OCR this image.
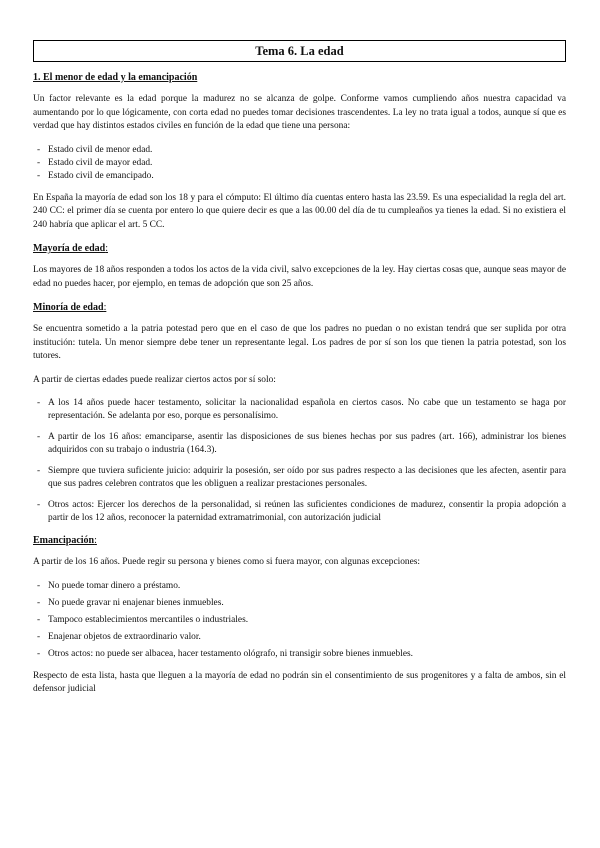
Tema 6. La edad
1. El menor de edad y la emancipación

Un factor relevante es la edad porque la madurez no se alcanza de golpe. Conforme vamos cumpliendo años nuestra capacidad va aumentando por lo que lógicamente, con corta edad no puedes tomar decisiones trascendentes. La ley no trata igual a todos, aunque sí que es verdad que hay distintos estados civiles en función de la edad que tiene una persona:

- Estado civil de menor edad.
- Estado civil de mayor edad.
- Estado civil de emancipado.

En España la mayoría de edad son los 18 y para el cómputo: El último día cuentas entero hasta las 23.59. Es una especialidad la regla del art. 240 CC: el primer día se cuenta por entero lo que quiere decir es que a las 00.00 del día de tu cumpleaños ya tienes la edad. Si no existiera el 240 habría que aplicar el art. 5 CC.

Mayoría de edad:

Los mayores de 18 años responden a todos los actos de la vida civil, salvo excepciones de la ley. Hay ciertas cosas que, aunque seas mayor de edad no puedes hacer, por ejemplo, en temas de adopción que son 25 años.

Minoría de edad:

Se encuentra sometido a la patria potestad pero que en el caso de que los padres no puedan o no existan tendrá que ser suplida por otra institución: tutela. Un menor siempre debe tener un representante legal. Los padres de por sí son los que tienen la patria potestad, son los tutores.

A partir de ciertas edades puede realizar ciertos actos por sí solo:

- A los 14 años puede hacer testamento, solicitar la nacionalidad española en ciertos casos. No cabe que un testamento se haga por representación. Se adelanta por eso, porque es personalísimo.
- A partir de los 16 años: emanciparse, asentir las disposiciones de sus bienes hechas por sus padres (art. 166), administrar los bienes adquiridos con su trabajo o industria (164.3).
- Siempre que tuviera suficiente juicio: adquirir la posesión, ser oído por sus padres respecto a las decisiones que les afecten, asentir para que sus padres celebren contratos que les obliguen a realizar prestaciones personales.
- Otros actos: Ejercer los derechos de la personalidad, si reúnen las suficientes condiciones de madurez, consentir la propia adopción a partir de los 12 años, reconocer la paternidad extramatrimonial, con autorización judicial
Emancipación:

A partir de los 16 años. Puede regir su persona y bienes como si fuera mayor, con algunas excepciones:

- No puede tomar dinero a préstamo.
- No puede gravar ni enajenar bienes inmuebles.
- Tampoco establecimientos mercantiles o industriales.
- Enajenar objetos de extraordinario valor.
- Otros actos: no puede ser albacea, hacer testamento ológrafo, ni transigir sobre bienes inmuebles.

Respecto de esta lista, hasta que lleguen a la mayoría de edad no podrán sin el consentimiento de sus progenitores y a falta de ambos, sin el defensor judicial
